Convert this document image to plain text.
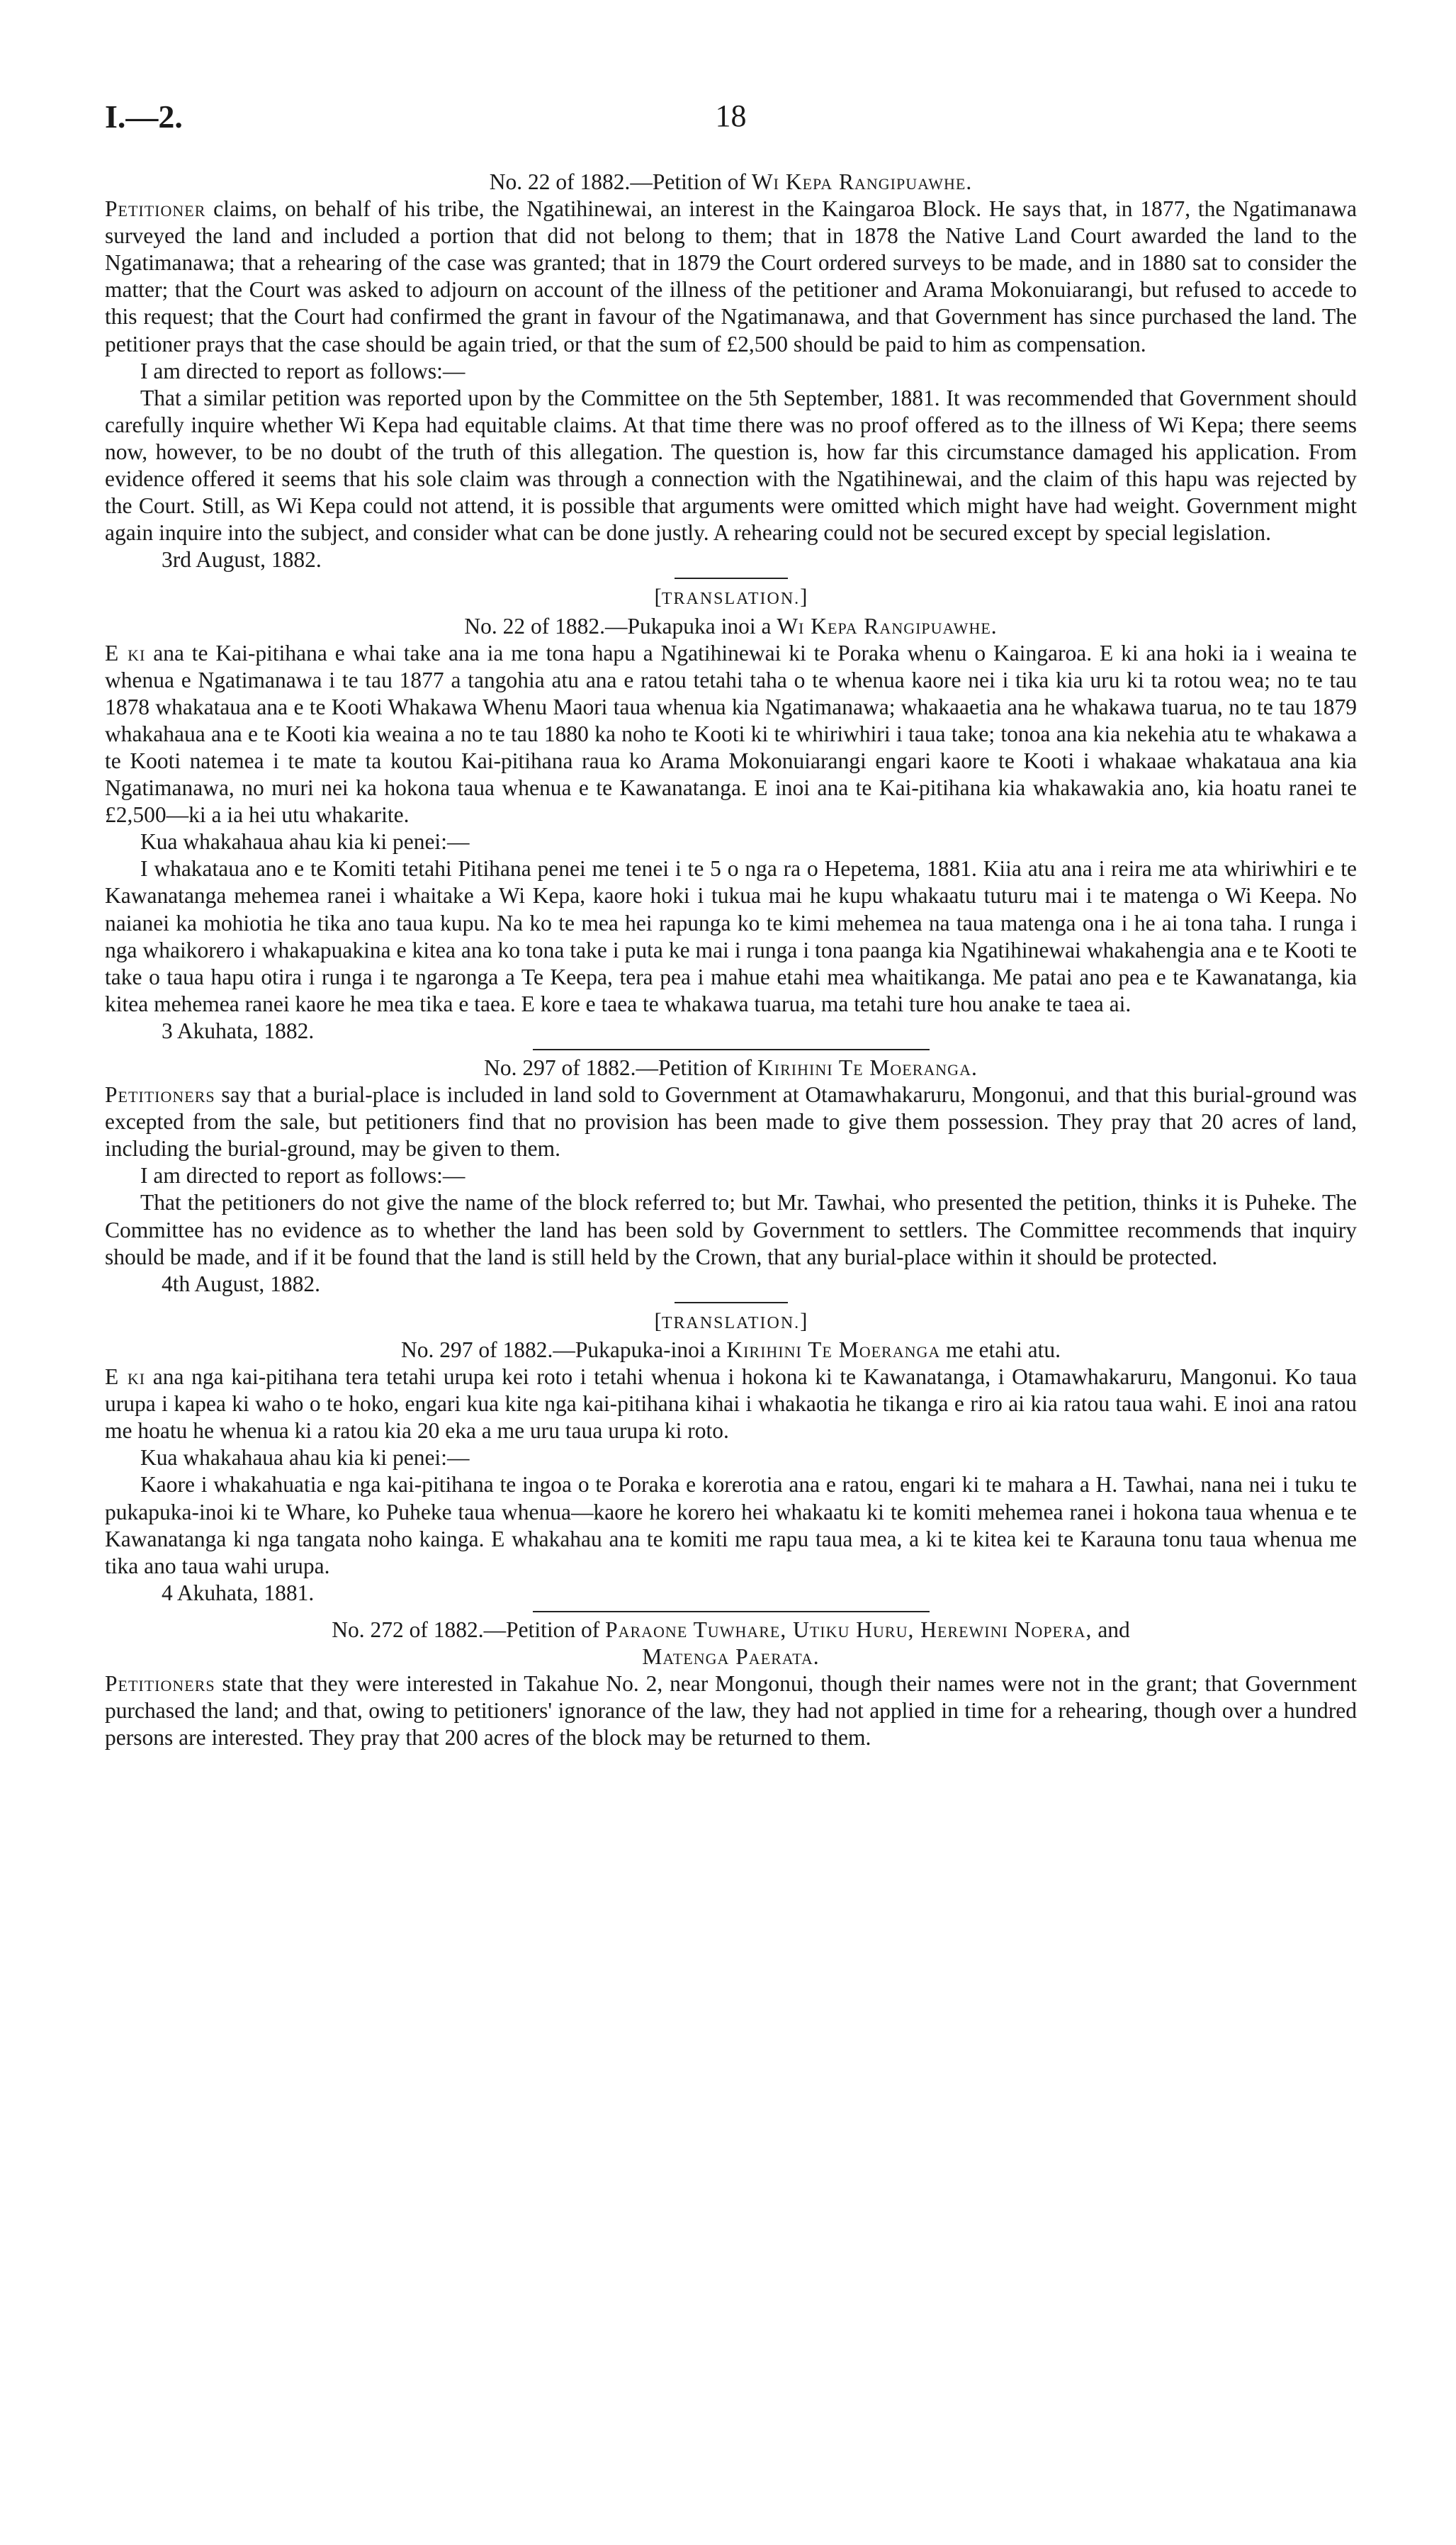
I.—2.	18

No. 22 of 1882.—Petition of Wi Kepa Rangipuawhe.

Petitioner claims, on behalf of his tribe, the Ngatihinewai, an interest in the Kaingaroa Block. He says that, in 1877, the Ngatimanawa surveyed the land and included a portion that did not belong to them; that in 1878 the Native Land Court awarded the land to the Ngatimanawa; that a rehearing of the case was granted; that in 1879 the Court ordered surveys to be made, and in 1880 sat to consider the matter; that the Court was asked to adjourn on account of the illness of the petitioner and Arama Mokonuiarangi, but refused to accede to this request; that the Court had confirmed the grant in favour of the Ngatimanawa, and that Government has since purchased the land. The petitioner prays that the case should be again tried, or that the sum of £2,500 should be paid to him as compensation.

I am directed to report as follows:—

That a similar petition was reported upon by the Committee on the 5th September, 1881. It was recommended that Government should carefully inquire whether Wi Kepa had equitable claims. At that time there was no proof offered as to the illness of Wi Kepa; there seems now, however, to be no doubt of the truth of this allegation. The question is, how far this circumstance damaged his application. From evidence offered it seems that his sole claim was through a connection with the Ngatihinewai, and the claim of this hapu was rejected by the Court. Still, as Wi Kepa could not attend, it is possible that arguments were omitted which might have had weight. Government might again inquire into the subject, and consider what can be done justly. A rehearing could not be secured except by special legislation.

3rd August, 1882.

[TRANSLATION.]

No. 22 of 1882.—Pukapuka inoi a Wi Kepa Rangipuawhe.

E ki ana te Kai-pitihana e whai take ana ia me tona hapu a Ngatihinewai ki te Poraka whenu o Kaingaroa. E ki ana hoki ia i weaina te whenua e Ngatimanawa i te tau 1877 a tangohia atu ana e ratou tetahi taha o te whenua kaore nei i tika kia uru ki ta rotou wea; no te tau 1878 whakataua ana e te Kooti Whakawa Whenu Maori taua whenua kia Ngatimanawa; whakaaetia ana he whakawa tuarua, no te tau 1879 whakahaua ana e te Kooti kia weaina a no te tau 1880 ka noho te Kooti ki te whiriwhiri i taua take; tonoa ana kia nekehia atu te whakawa a te Kooti natemea i te mate ta koutou Kai-pitihana raua ko Arama Mokonuiarangi engari kaore te Kooti i whakaae whakataua ana kia Ngatimanawa, no muri nei ka hokona taua whenua e te Kawanatanga. E inoi ana te Kai-pitihana kia whakawakia ano, kia hoatu ranei te £2,500—ki a ia hei utu whakarite.

Kua whakahaua ahau kia ki penei:—

I whakataua ano e te Komiti tetahi Pitihana penei me tenei i te 5 o nga ra o Hepetema, 1881. Kiia atu ana i reira me ata whiriwhiri e te Kawanatanga mehemea ranei i whaitake a Wi Kepa, kaore hoki i tukua mai he kupu whakaatu tuturu mai i te matenga o Wi Keepa. No naianei ka mohiotia he tika ano taua kupu. Na ko te mea hei rapunga ko te kimi mehemea na taua matenga ona i he ai tona taha. I runga i nga whaikorero i whakapuakina e kitea ana ko tona take i puta ke mai i runga i tona paanga kia Ngatihinewai whakahengia ana e te Kooti te take o taua hapu otira i runga i te ngaronga a Te Keepa, tera pea i mahue etahi mea whaitikanga. Me patai ano pea e te Kawanatanga, kia kitea mehemea ranei kaore he mea tika e taea. E kore e taea te whakawa tuarua, ma tetahi ture hou anake te taea ai.

3 Akuhata, 1882.

No. 297 of 1882.—Petition of Kirihini Te Moeranga.

Petitioners say that a burial-place is included in land sold to Government at Otamawhakaruru, Mongonui, and that this burial-ground was excepted from the sale, but petitioners find that no provision has been made to give them possession. They pray that 20 acres of land, including the burial-ground, may be given to them.

I am directed to report as follows:—

That the petitioners do not give the name of the block referred to; but Mr. Tawhai, who presented the petition, thinks it is Puheke. The Committee has no evidence as to whether the land has been sold by Government to settlers. The Committee recommends that inquiry should be made, and if it be found that the land is still held by the Crown, that any burial-place within it should be protected.

4th August, 1882.

[TRANSLATION.]

No. 297 of 1882.—Pukapuka-inoi a Kirihini Te Moeranga me etahi atu.

E ki ana nga kai-pitihana tera tetahi urupa kei roto i tetahi whenua i hokona ki te Kawanatanga, i Otamawhakaruru, Mangonui. Ko taua urupa i kapea ki waho o te hoko, engari kua kite nga kai-pitihana kihai i whakaotia he tikanga e riro ai kia ratou taua wahi. E inoi ana ratou me hoatu he whenua ki a ratou kia 20 eka a me uru taua urupa ki roto.

Kua whakahaua ahau kia ki penei:—

Kaore i whakahuatia e nga kai-pitihana te ingoa o te Poraka e korerotia ana e ratou, engari ki te mahara a H. Tawhai, nana nei i tuku te pukapuka-inoi ki te Whare, ko Puheke taua whenua—kaore he korero hei whakaatu ki te komiti mehemea ranei i hokona taua whenua e te Kawanatanga ki nga tangata noho kainga. E whakahau ana te komiti me rapu taua mea, a ki te kitea kei te Karauna tonu taua whenua me tika ano taua wahi urupa.

4 Akuhata, 1881.

No. 272 of 1882.—Petition of Paraone Tuwhare, Utiku Huru, Herewini Nopera, and

Matenga Paerata.

Petitioners state that they were interested in Takahue No. 2, near Mongonui, though their names were not in the grant; that Government purchased the land; and that, owing to petitioners' ignorance of the law, they had not applied in time for a rehearing, though over a hundred persons are interested. They pray that 200 acres of the block may be returned to them.
